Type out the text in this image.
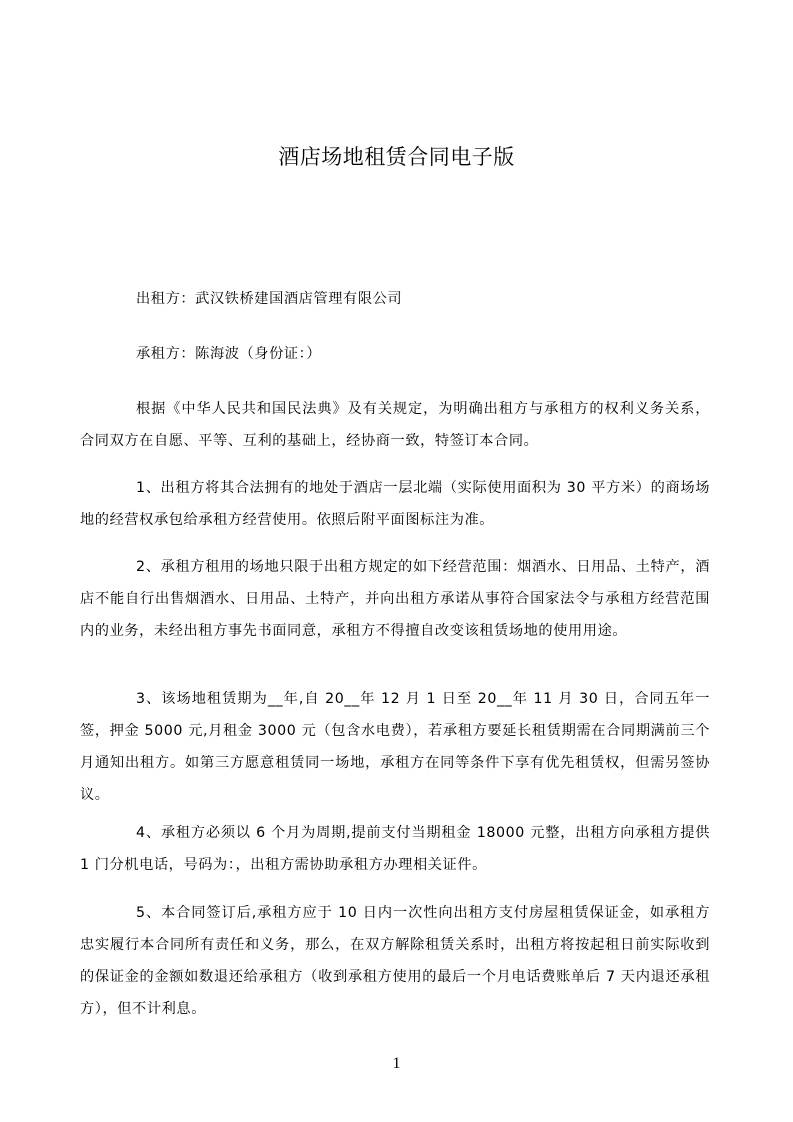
酒店场地租赁合同电子版

出租方：武汉铁桥建国酒店管理有限公司

承租方：陈海波（身份证：）

根据《中华人民共和国民法典》及有关规定，为明确出租方与承租方的权利义务关系，合同双方在自愿、平等、互利的基础上，经协商一致，特签订本合同。

1、出租方将其合法拥有的地处于酒店一层北端（实际使用面积为 30 平方米）的商场场地的经营权承包给承租方经营使用。依照后附平面图标注为准。

2、承租方租用的场地只限于出租方规定的如下经营范围：烟酒水、日用品、土特产，酒店不能自行出售烟酒水、日用品、土特产，并向出租方承诺从事符合国家法令与承租方经营范围内的业务，未经出租方事先书面同意，承租方不得擅自改变该租赁场地的使用用途。

3、该场地租赁期为__年,自 20__年 12 月 1 日至 20__年 11 月 30 日，合同五年一签，押金 5000 元,月租金 3000 元（包含水电费），若承租方要延长租赁期需在合同期满前三个月通知出租方。如第三方愿意租赁同一场地，承租方在同等条件下享有优先租赁权，但需另签协议。

4、承租方必须以 6 个月为周期,提前支付当期租金 18000 元整，出租方向承租方提供 1 门分机电话，号码为：，出租方需协助承租方办理相关证件。

5、本合同签订后,承租方应于 10 日内一次性向出租方支付房屋租赁保证金，如承租方忠实履行本合同所有责任和义务，那么，在双方解除租赁关系时，出租方将按起租日前实际收到的保证金的金额如数退还给承租方（收到承租方使用的最后一个月电话费账单后 7 天内退还承租方），但不计利息。

1
